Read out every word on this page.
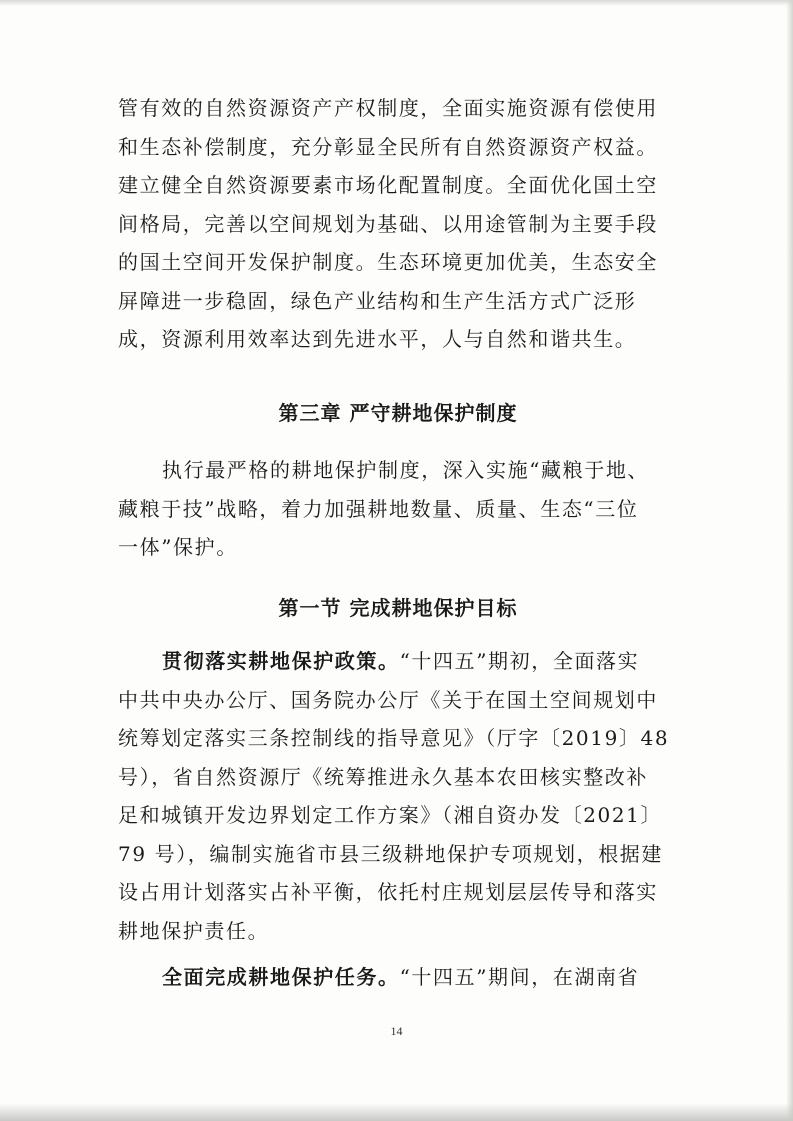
管有效的自然资源资产产权制度，全面实施资源有偿使用
和生态补偿制度，充分彰显全民所有自然资源资产权益。
建立健全自然资源要素市场化配置制度。全面优化国土空
间格局，完善以空间规划为基础、以用途管制为主要手段
的国土空间开发保护制度。生态环境更加优美，生态安全
屏障进一步稳固，绿色产业结构和生产生活方式广泛形
成，资源利用效率达到先进水平，人与自然和谐共生。

第三章 严守耕地保护制度

执行最严格的耕地保护制度，深入实施“藏粮于地、
藏粮于技”战略，着力加强耕地数量、质量、生态“三位
一体”保护。

第一节 完成耕地保护目标

贯彻落实耕地保护政策。“十四五”期初，全面落实
中共中央办公厅、国务院办公厅《关于在国土空间规划中
统筹划定落实三条控制线的指导意见》（厅字〔2019〕48
号），省自然资源厅《统筹推进永久基本农田核实整改补
足和城镇开发边界划定工作方案》（湘自资办发〔2021〕
79 号），编制实施省市县三级耕地保护专项规划，根据建
设占用计划落实占补平衡，依托村庄规划层层传导和落实
耕地保护责任。

全面完成耕地保护任务。“十四五”期间，在湖南省

14
